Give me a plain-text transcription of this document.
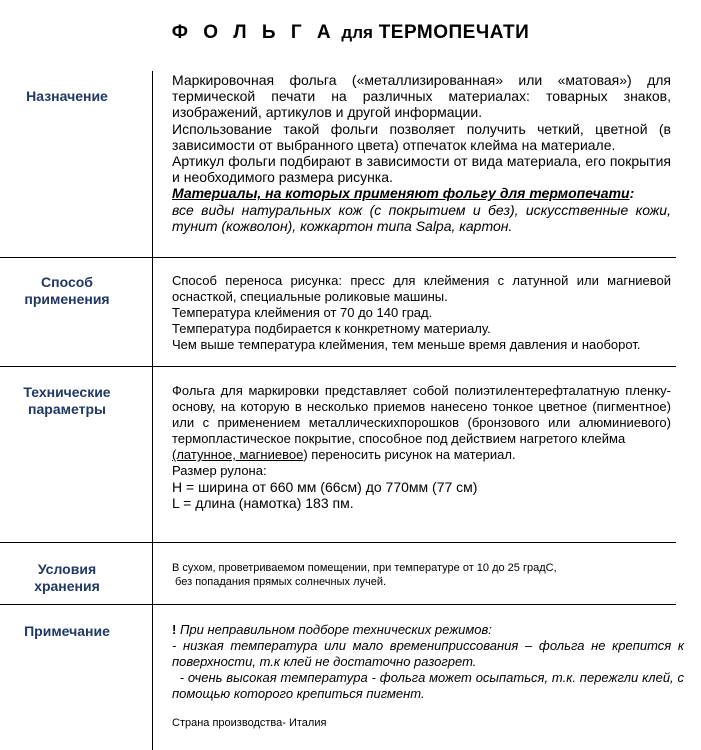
Ф О Л Ь Г А для ТЕРМОПЕЧАТИ
Назначение

Маркировочная фольга («металлизированная» или «матовая») для термической печати на различных материалах: товарных знаков, изображений, артикулов и другой информации.

Использование такой фольги позволяет получить четкий, цветной (в зависимости от выбранного цвета) отпечаток клейма на материале.

Артикул фольги подбирают в зависимости от вида материала, его покрытия и необходимого размера рисунка.

Материалы, на которых применяют фольгу для термопечати:

все виды натуральных кож (с покрытием и без), искусственные кожи, тунит (кожволон), кожкартон типа Salpa, картон.

Способ
применения

Способ переноса рисунка: пресс для клеймения с латунной или магниевой оснасткой, специальные роликовые машины.

Температура клеймения от 70 до 140 град.

Температура подбирается к конкретному материалу.

Чем выше температура клеймения, тем меньше время давления и наоборот.

Технические
параметры

Фольга для маркировки представляет собой полиэтилентерефталатную пленку- основу, на которую в несколько приемов нанесено тонкое цветное (пигментное) или с применением металлическихпорошков (бронзового или алюминиевого) термопластическое покрытие, способное под действием нагретого клейма
(латунное, магниевое) переносить рисунок на материал.

Размер рулона:

H = ширина от 660 мм (66см) до 770мм (77 см)

L = длина (намотка) 183 пм.

Условия
хранения
В сухом, проветриваемом помещении, при температуре от 10 до 25 градС,
без попадания прямых солнечных лучей.
Примечание	! При неправильном подборе технических режимов:

- низкая температура или мало времениприсcования – фольга не крепится к поверхности, т.к клей не достаточно разогрет.

- очень высокая температура - фольга может осыпаться, т.к. пережгли клей, с помощью которого крепиться пигмент.

Страна производства- Италия
